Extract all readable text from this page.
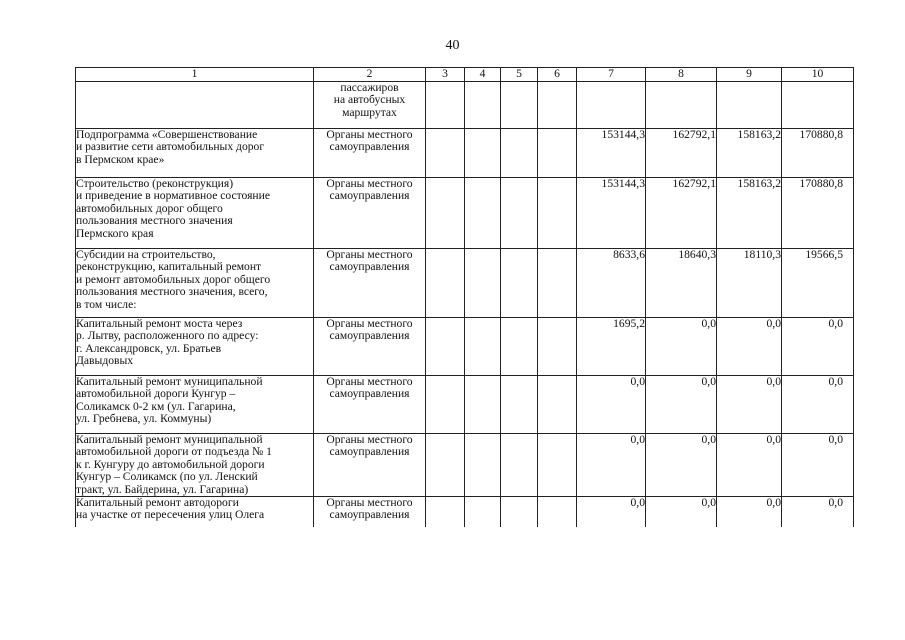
40
1	2	3	4	5	6	7	8	9	10

	пассажиров
на автобусных
маршрутах								

Подпрограмма «Совершенствование
и развитие сети автомобильных дорог
в Пермском крае»	Органы местного
самоуправления					153144,3	162792,1	158163,2	170880,8

Строительство (реконструкция)
и приведение в нормативное состояние
автомобильных дорог общего
пользования местного значения
Пермского края	Органы местного
самоуправления					153144,3	162792,1	158163,2	170880,8

Субсидии на строительство,
реконструкцию, капитальный ремонт
и ремонт автомобильных дорог общего
пользования местного значения, всего,
в том числе:	Органы местного
самоуправления					8633,6	18640,3	18110,3	19566,5

Капитальный ремонт моста через
р. Лытву, расположенного по адресу:
г. Александровск, ул. Братьев
Давыдовых	Органы местного
самоуправления					1695,2	0,0	0,0	0,0

Капитальный ремонт муниципальной
автомобильной дороги Кунгур –
Соликамск 0-2 км (ул. Гагарина,
ул. Гребнева, ул. Коммуны)	Органы местного
самоуправления					0,0	0,0	0,0	0,0

Капитальный ремонт муниципальной
автомобильной дороги от подъезда № 1
к г. Кунгуру до автомобильной дороги
Кунгур – Соликамск (по ул. Ленский
тракт, ул. Байдерина, ул. Гагарина)	Органы местного
самоуправления					0,0	0,0	0,0	0,0

Капитальный ремонт автодороги
на участке от пересечения улиц Олега	Органы местного
самоуправления					0,0	0,0	0,0	0,0
